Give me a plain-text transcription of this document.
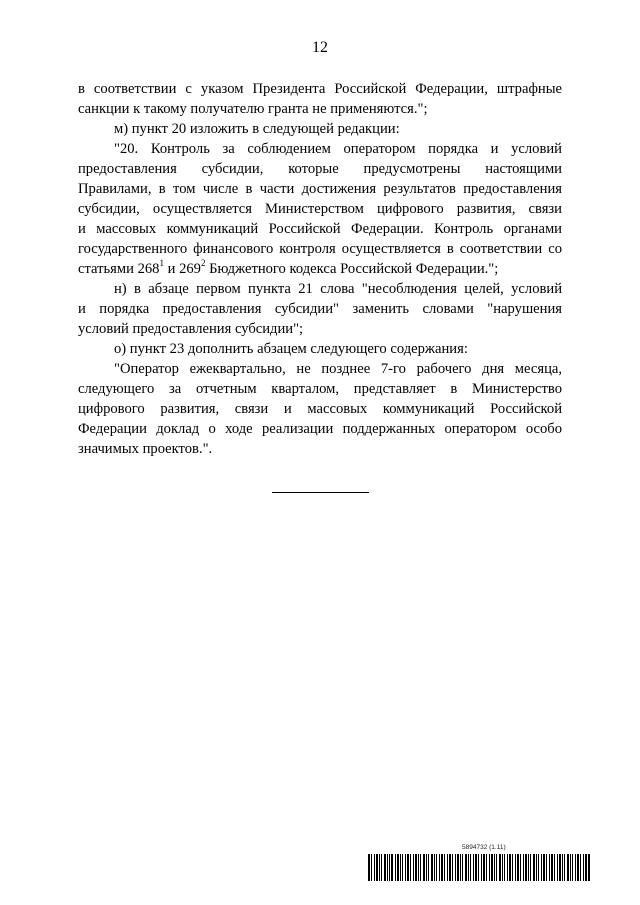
12
в соответствии с указом Президента Российской Федерации, штрафные
санкции к такому получателю гранта не применяются.";
м) пункт 20 изложить в следующей редакции:
"20. Контроль за соблюдением оператором порядка и условий
предоставления субсидии, которые предусмотрены настоящими
Правилами, в том числе в части достижения результатов предоставления
субсидии, осуществляется Министерством цифрового развития, связи
и массовых коммуникаций Российской Федерации. Контроль органами
государственного финансового контроля осуществляется в соответствии со
статьями $268^1$ и $269^2$ Бюджетного кодекса Российской Федерации.";
н) в абзаце первом пункта 21 слова "несоблюдения целей, условий
и порядка предоставления субсидии" заменить словами "нарушения
условий предоставления субсидии";
о) пункт 23 дополнить абзацем следующего содержания:
"Оператор ежеквартально, не позднее 7-го рабочего дня месяца,
следующего за отчетным кварталом, представляет в Министерство
цифрового развития, связи и массовых коммуникаций Российской
Федерации доклад о ходе реализации поддержанных оператором особо
значимых проектов.".
5894732 (1.11)
